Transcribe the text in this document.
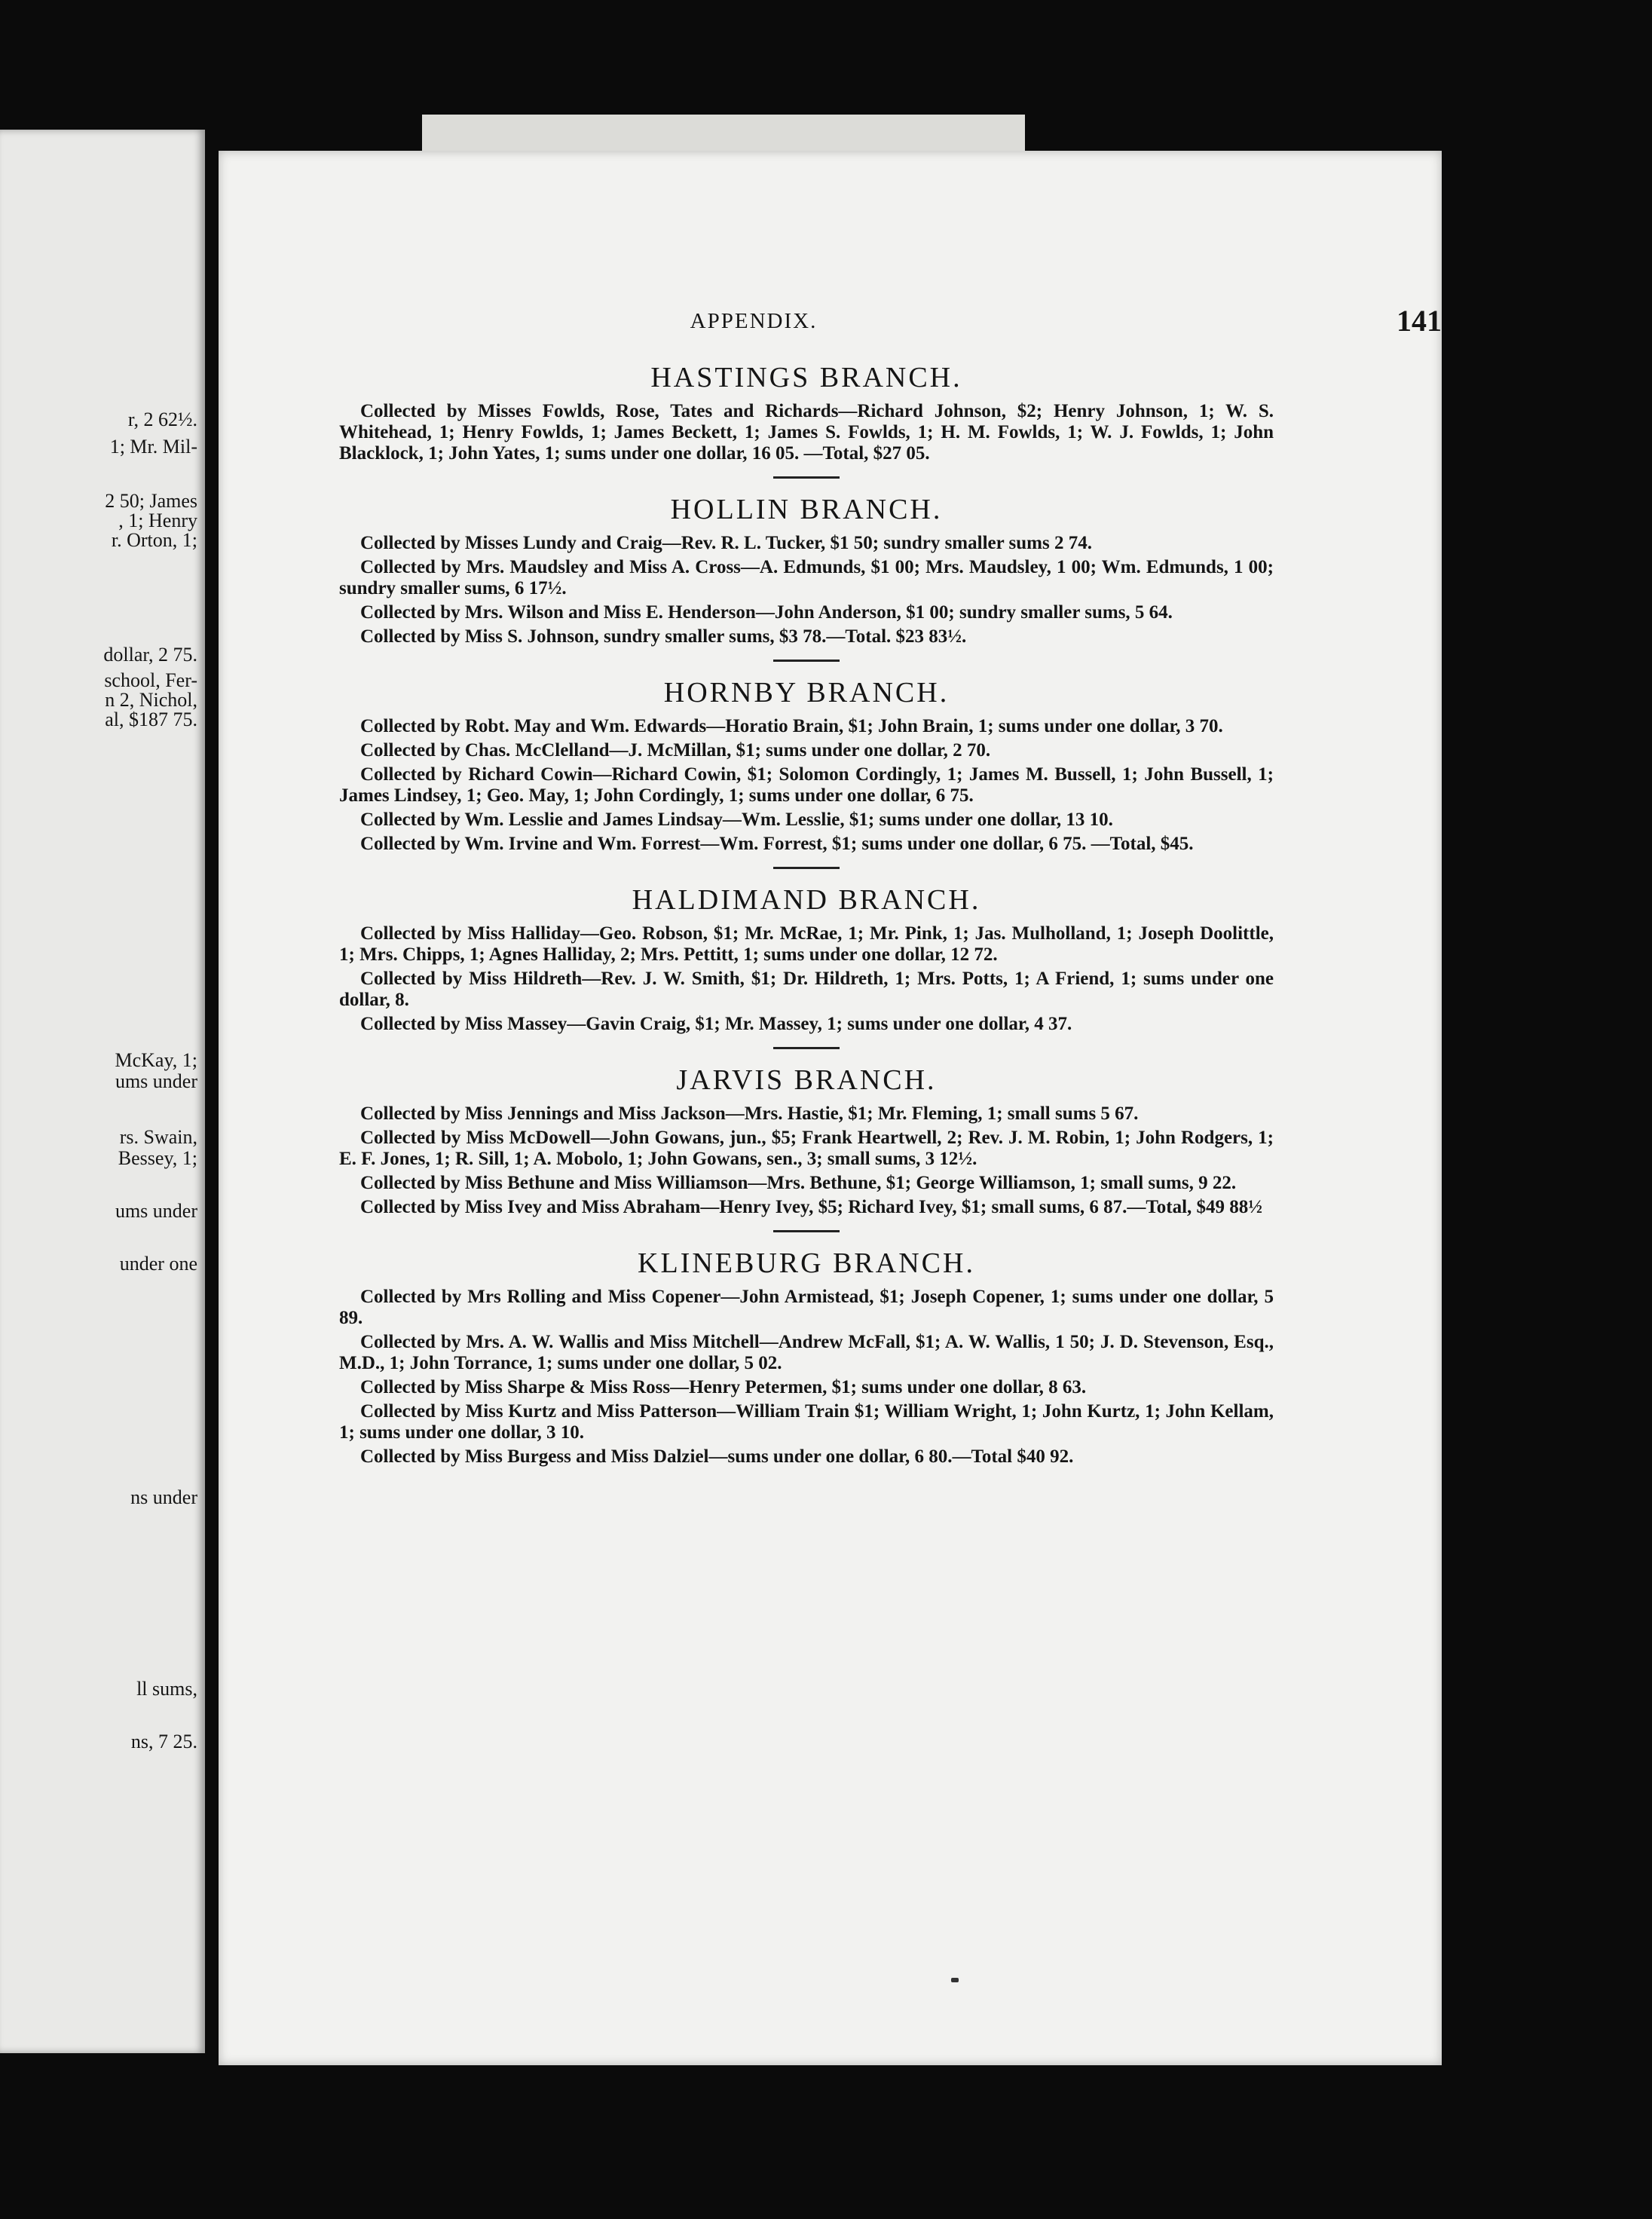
r, 2 62½.

1; Mr. Mil-

2 50; James

, 1; Henry

r. Orton, 1;

dollar, 2 75.

school, Fer-

n 2, Nichol,

al, $187 75.

McKay, 1;

ums under

rs. Swain,

Bessey, 1;

ums under

under one

ns under

ll sums,

ns, 7 25.

APPENDIX.	141
HASTINGS BRANCH.

Collected by Misses Fowlds, Rose, Tates and Richards—Richard Johnson, $2; Henry Johnson, 1; W. S. Whitehead, 1; Henry Fowlds, 1; James Beckett, 1; James S. Fowlds, 1; H. M. Fowlds, 1; W. J. Fowlds, 1; John Blacklock, 1; John Yates, 1; sums under one dollar, 16 05. —Total, $27 05.

HOLLIN BRANCH.

Collected by Misses Lundy and Craig—Rev. R. L. Tucker, $1 50; sundry smaller sums 2 74.

Collected by Mrs. Maudsley and Miss A. Cross—A. Edmunds, $1 00; Mrs. Maudsley, 1 00; Wm. Edmunds, 1 00; sundry smaller sums, 6 17½.

Collected by Mrs. Wilson and Miss E. Henderson—John Anderson, $1 00; sundry smaller sums, 5 64.

Collected by Miss S. Johnson, sundry smaller sums, $3 78.—Total. $23 83½.

HORNBY BRANCH.

Collected by Robt. May and Wm. Edwards—Horatio Brain, $1; John Brain, 1; sums under one dollar, 3 70.

Collected by Chas. McClelland—J. McMillan, $1; sums under one dollar, 2 70.

Collected by Richard Cowin—Richard Cowin, $1; Solomon Cordingly, 1; James M. Bussell, 1; John Bussell, 1; James Lindsey, 1; Geo. May, 1; John Cordingly, 1; sums under one dollar, 6 75.

Collected by Wm. Lesslie and James Lindsay—Wm. Lesslie, $1; sums under one dollar, 13 10.

Collected by Wm. Irvine and Wm. Forrest—Wm. Forrest, $1; sums under one dollar, 6 75. —Total, $45.

HALDIMAND BRANCH.

Collected by Miss Halliday—Geo. Robson, $1; Mr. McRae, 1; Mr. Pink, 1; Jas. Mulholland, 1; Joseph Doolittle, 1; Mrs. Chipps, 1; Agnes Halliday, 2; Mrs. Pettitt, 1; sums under one dollar, 12 72.

Collected by Miss Hildreth—Rev. J. W. Smith, $1; Dr. Hildreth, 1; Mrs. Potts, 1; A Friend, 1; sums under one dollar, 8.

Collected by Miss Massey—Gavin Craig, $1; Mr. Massey, 1; sums under one dollar, 4 37.

JARVIS BRANCH.

Collected by Miss Jennings and Miss Jackson—Mrs. Hastie, $1; Mr. Fleming, 1; small sums 5 67.

Collected by Miss McDowell—John Gowans, jun., $5; Frank Heartwell, 2; Rev. J. M. Robin, 1; John Rodgers, 1; E. F. Jones, 1; R. Sill, 1; A. Mobolo, 1; John Gowans, sen., 3; small sums, 3 12½.

Collected by Miss Bethune and Miss Williamson—Mrs. Bethune, $1; George Williamson, 1; small sums, 9 22.

Collected by Miss Ivey and Miss Abraham—Henry Ivey, $5; Richard Ivey, $1; small sums, 6 87.—Total, $49 88½

KLINEBURG BRANCH.

Collected by Mrs Rolling and Miss Copener—John Armistead, $1; Joseph Copener, 1; sums under one dollar, 5 89.

Collected by Mrs. A. W. Wallis and Miss Mitchell—Andrew McFall, $1; A. W. Wallis, 1 50; J. D. Stevenson, Esq., M.D., 1; John Torrance, 1; sums under one dollar, 5 02.

Collected by Miss Sharpe & Miss Ross—Henry Petermen, $1; sums under one dollar, 8 63.

Collected by Miss Kurtz and Miss Patterson—William Train $1; William Wright, 1; John Kurtz, 1; John Kellam, 1; sums under one dollar, 3 10.

Collected by Miss Burgess and Miss Dalziel—sums under one dollar, 6 80.—Total $40 92.
